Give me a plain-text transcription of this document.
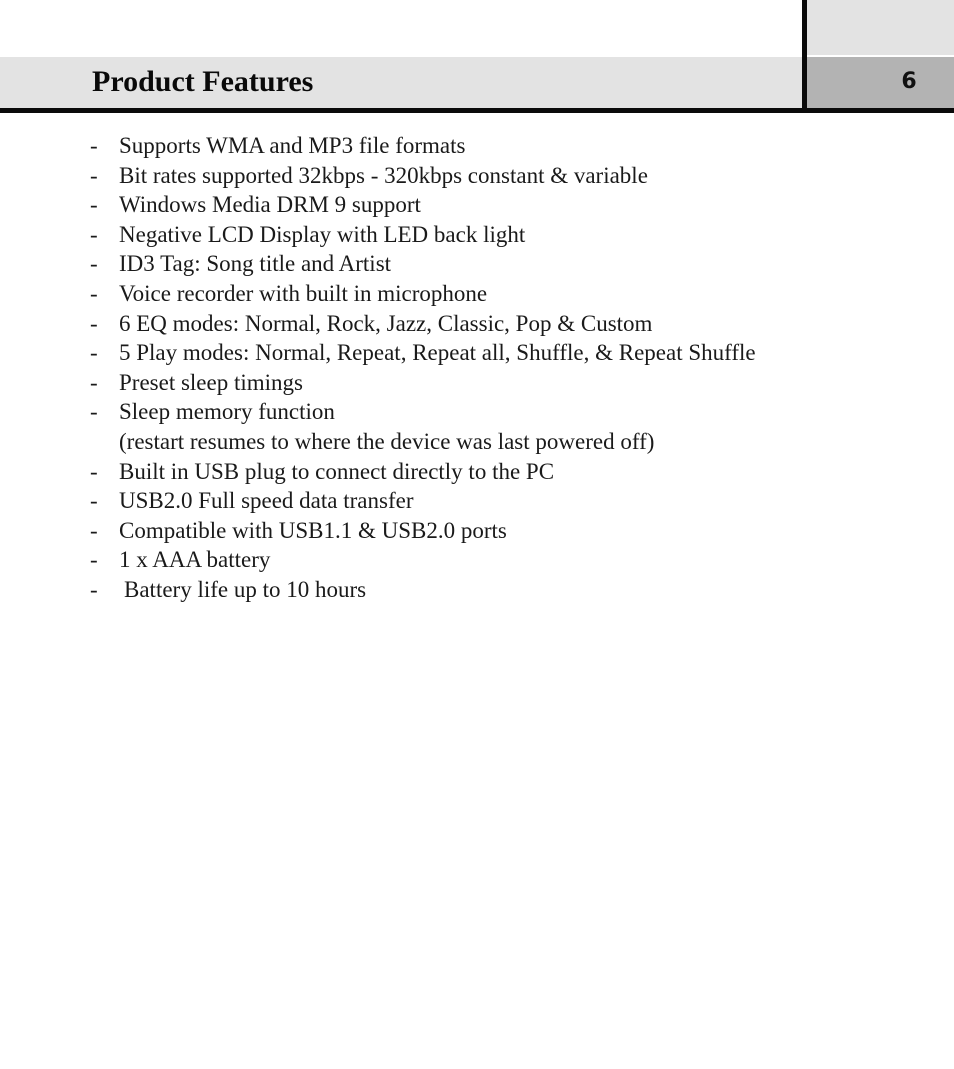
Product Features	6
- Supports WMA and MP3 file formats
- Bit rates supported 32kbps - 320kbps constant & variable
- Windows Media DRM 9 support
- Negative LCD Display with LED back light
- ID3 Tag: Song title and Artist
- Voice recorder with built in microphone
- 6 EQ modes: Normal, Rock, Jazz, Classic, Pop & Custom
- 5 Play modes: Normal, Repeat, Repeat all, Shuffle, & Repeat Shuffle
- Preset sleep timings
- Sleep memory function
(restart resumes to where the device was last powered off)
- Built in USB plug to connect directly to the PC
- USB2.0 Full speed data transfer
- Compatible with USB1.1 & USB2.0 ports
- 1 x AAA battery
- Battery life up to 10 hours
